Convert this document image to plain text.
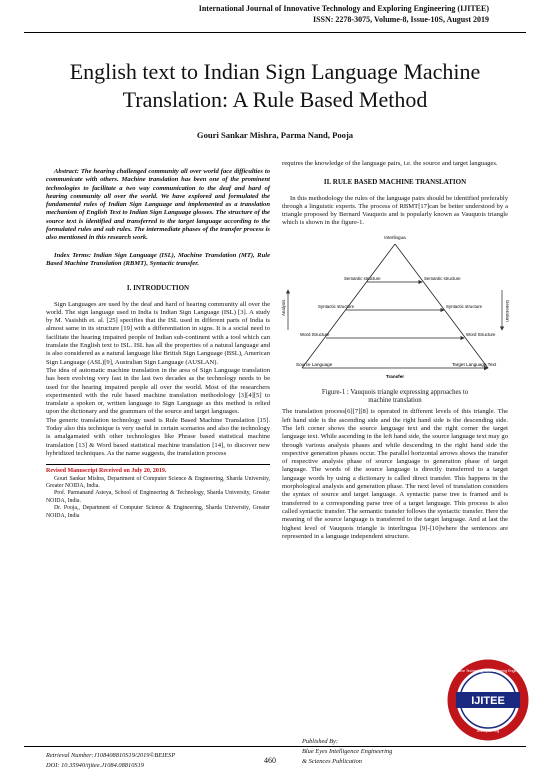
International Journal of Innovative Technology and Exploring Engineering (IJITEE)
ISSN: 2278-3075, Volume-8, Issue-10S, August 2019
English text to Indian Sign Language Machine Translation: A Rule Based Method
Gouri Sankar Mishra, Parma Nand, Pooja
Abstract: The hearing challenged community all over world face difficulties to communicate with others. Machine translation has been one of the prominent technologies to facilitate a two way communication to the deaf and hard of hearing community all over the world. We have explored and formulated the fundamental rules of Indian Sign Language and implemented as a translation mechanism of English Text to Indian Sign Language glosses. The structure of the source text is identified and transferred to the target language according to the formulated rules and sub rules. The intermediate phases of the transfer process is also mentioned in this research work.
Index Terms: Indian Sign Language (ISL), Machine Translation (MT), Rule Based Machine Translation (RBMT), Syntactic transfer.
I. INTRODUCTION

Sign Languages are used by the deaf and hard of hearing community all over the world. The sign language used in India is Indian Sign Language (ISL) [3]. A study by M. Vasishth et. al. [25] specifies that the ISL used in different parts of India is almost same in its structure [19] with a differentiation in signs. It is a social need to facilitate the hearing impaired people of Indian sub-continent with a tool which can translate the English text to ISL. ISL has all the properties of a natural language and is also considered as a natural language like British Sign Language (BSL), American Sign Language (ASL)[9], Australian Sign Language (AUSLAN).

The idea of automatic machine translation in the area of Sign Language translation has been evolving very fast in the last two decades as the technology needs to be used for the hearing impaired people all over the world. Most of the researchers experimented with the rule based machine translation methodology [3][4][5] to translate a spoken or, written language to Sign Language as this method is relied upon the dictionary and the grammars of the source and target languages.

The generic translation technology used is Rule Based Machine Translation [15]. Today also this technique is very useful in certain scenarios and also the technology is amalgamated with other technologies like Phrase based statistical machine translation [13] & Word based statistical machine translation [14], to discover new hybridized techniques. As the name suggests, the translation process

Revised Manuscript Received on July 20, 2019.
Gouri Sankar Mishra, Department of Computer Science & Engineering, Sharda University, Greater NOIDA, India.
Prof. Parmanand Asteya, School of Engineering & Technology, Sharda University, Greater NOIDA, India.
Dr. Pooja,, Department of Computer Science & Engineering, Sharda University, Greater NOIDA, India

requires the knowledge of the language pairs, i.e. the source and target languages.

II. RULE BASED MACHINE TRANSLATION

In this methodology the rules of the language pairs should be identified preferably through a linguistic experts. The process of RBMT[17]can be better understood by a triangle proposed by Bernard Vauquois and is popularly known as Vauquois triangle which is shown in the figure-1.

Interlingua
Semantic structure	Semantic structure
Syntactic structure	Syntactic structure
Word Structure	Word Structure
Source Language	Target Language Text
Transfer
Analysis	Generation
Figure-1 : Vauquois triangle expressing approaches to
machine translation

The translation process[6][7][8] is operated in different levels of this triangle. The left hand side is the ascending side and the right hand side is the descending side. The left corner shows the source language text and the right corner the target language text. While ascending in the left hand side, the source language text may go through various analysis phases and while descending in the right hand side the respective generation phases occur. The parallel horizontal arrows shows the transfer of respective analysis phase of source language to generation phase of target language. The words of the source language is directly transferred to a target language words by using a dictionary is called direct transfer. This happens in the morphological analysis and generation phase. The next level of translation considers the syntax of source and target language. A syntactic parse tree is framed and is transferred to a corresponding parse tree of a target language. This process is also called syntactic transfer. The semantic transfer follows the syntactic transfer. Here the meaning of the source language is transferred to the target language. And at last the highest level of Vauquois triangle is interlingua [9]-[10]where the sentences are represented in a language independent structure.

Retrieval Number:J108408810S19/2019©BEIESP
DOI: 10.35940/ijitee.J1084.08810S19
460
Published By:
Blue Eyes Intelligence Engineering
& Sciences Publication
IJITEE
Innovative Technology and Exploring Engineering
www.ijitee.org
